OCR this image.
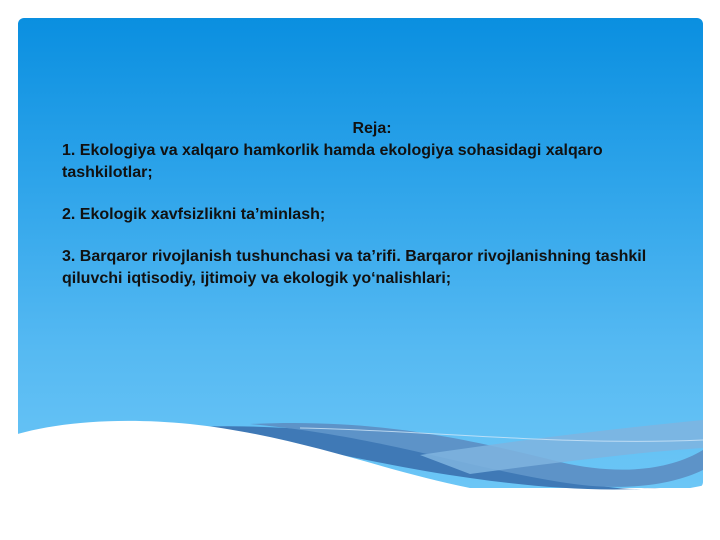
Reja:
1. Ekologiya va xalqaro hamkorlik hamda ekologiya sohasidagi xalqaro tashkilotlar;
2. Ekologik xavfsizlikni ta’minlash;
3. Barqaror rivojlanish tushunchasi va ta’rifi. Barqaror rivojlanishning tashkil qiluvchi iqtisodiy, ijtimoiy va ekologik yo‘nalishlari;
